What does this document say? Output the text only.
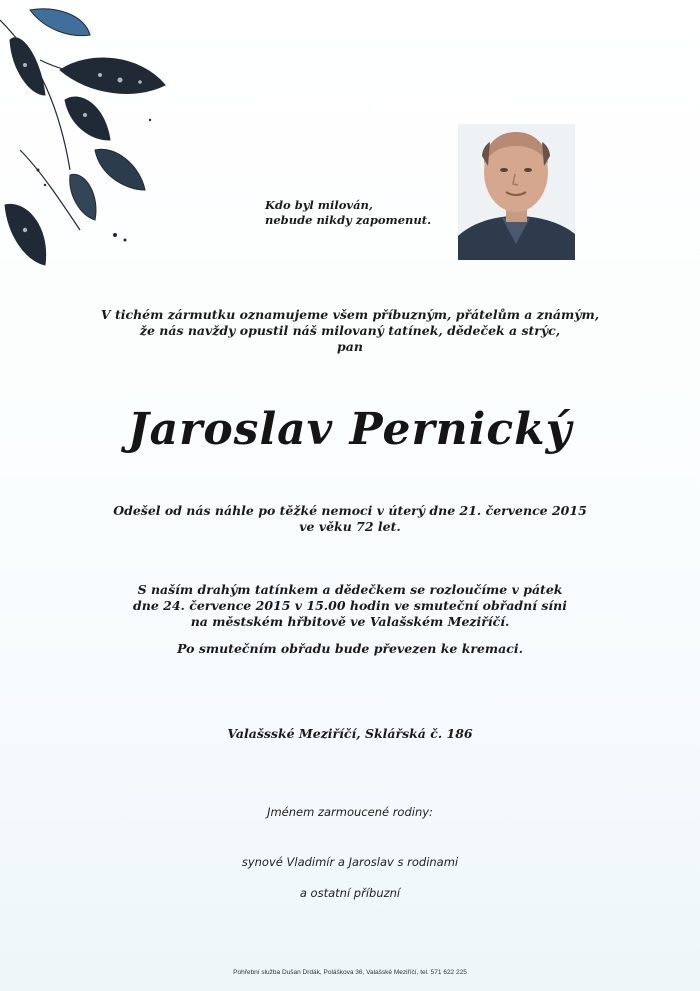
Kdo byl milován,
nebude nikdy zapomenut.
V tichém zármutku oznamujeme všem příbuzným, přátelům a známým,
že nás navždy opustil náš milovaný tatínek, dědeček a strýc,
pan
Jaroslav Pernický
Odešel od nás náhle po těžké nemoci v úterý dne 21. července 2015
ve věku 72 let.
S naším drahým tatínkem a dědečkem se rozloučíme v pátek
dne 24. července 2015 v 15.00 hodin ve smuteční obřadní síni
na městském hřbitově ve Valašském Meziříčí.
Po smutečním obřadu bude převezen ke kremaci.
Valašsské Meziříčí, Sklářská č. 186
Jménem zarmoucené rodiny:
synové Vladimír a Jaroslav s rodinami
a ostatní příbuzní
Pohřební služba Dušan Drdák, Poláškova 36, Valašské Meziříčí, tel. 571 622 225
